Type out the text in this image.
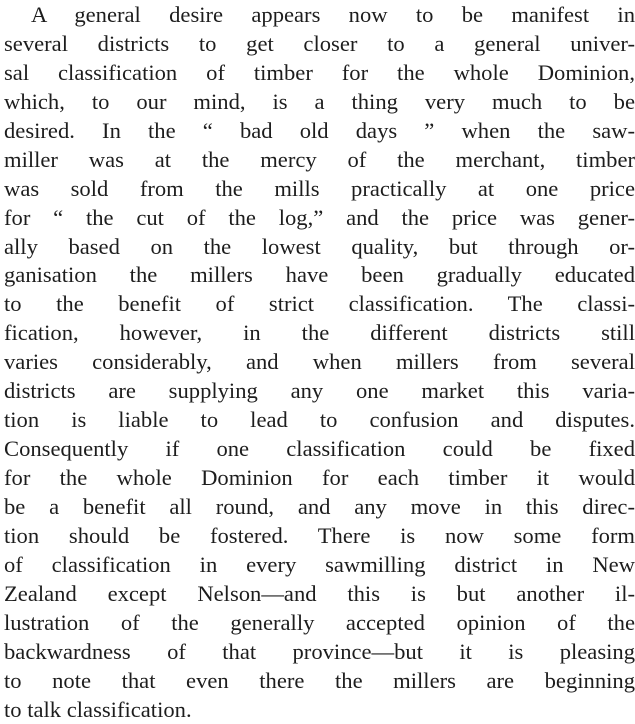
A general desire appears now to be manifest in
several districts to get closer to a general univer-
sal classification of timber for the whole Dominion,
which, to our mind, is a thing very much to be
desired. In the “ bad old days ” when the saw-
miller was at the mercy of the merchant, timber
was sold from the mills practically at one price
for “ the cut of the log,” and the price was gener-
ally based on the lowest quality, but through or-
ganisation the millers have been gradually educated
to the benefit of strict classification. The classi-
fication, however, in the different districts still
varies considerably, and when millers from several
districts are supplying any one market this varia-
tion is liable to lead to confusion and disputes.
Consequently if one classification could be fixed
for the whole Dominion for each timber it would
be a benefit all round, and any move in this direc-
tion should be fostered. There is now some form
of classification in every sawmilling district in New
Zealand except Nelson—and this is but another il-
lustration of the generally accepted opinion of the
backwardness of that province—but it is pleasing
to note that even there the millers are beginning
to talk classification.
